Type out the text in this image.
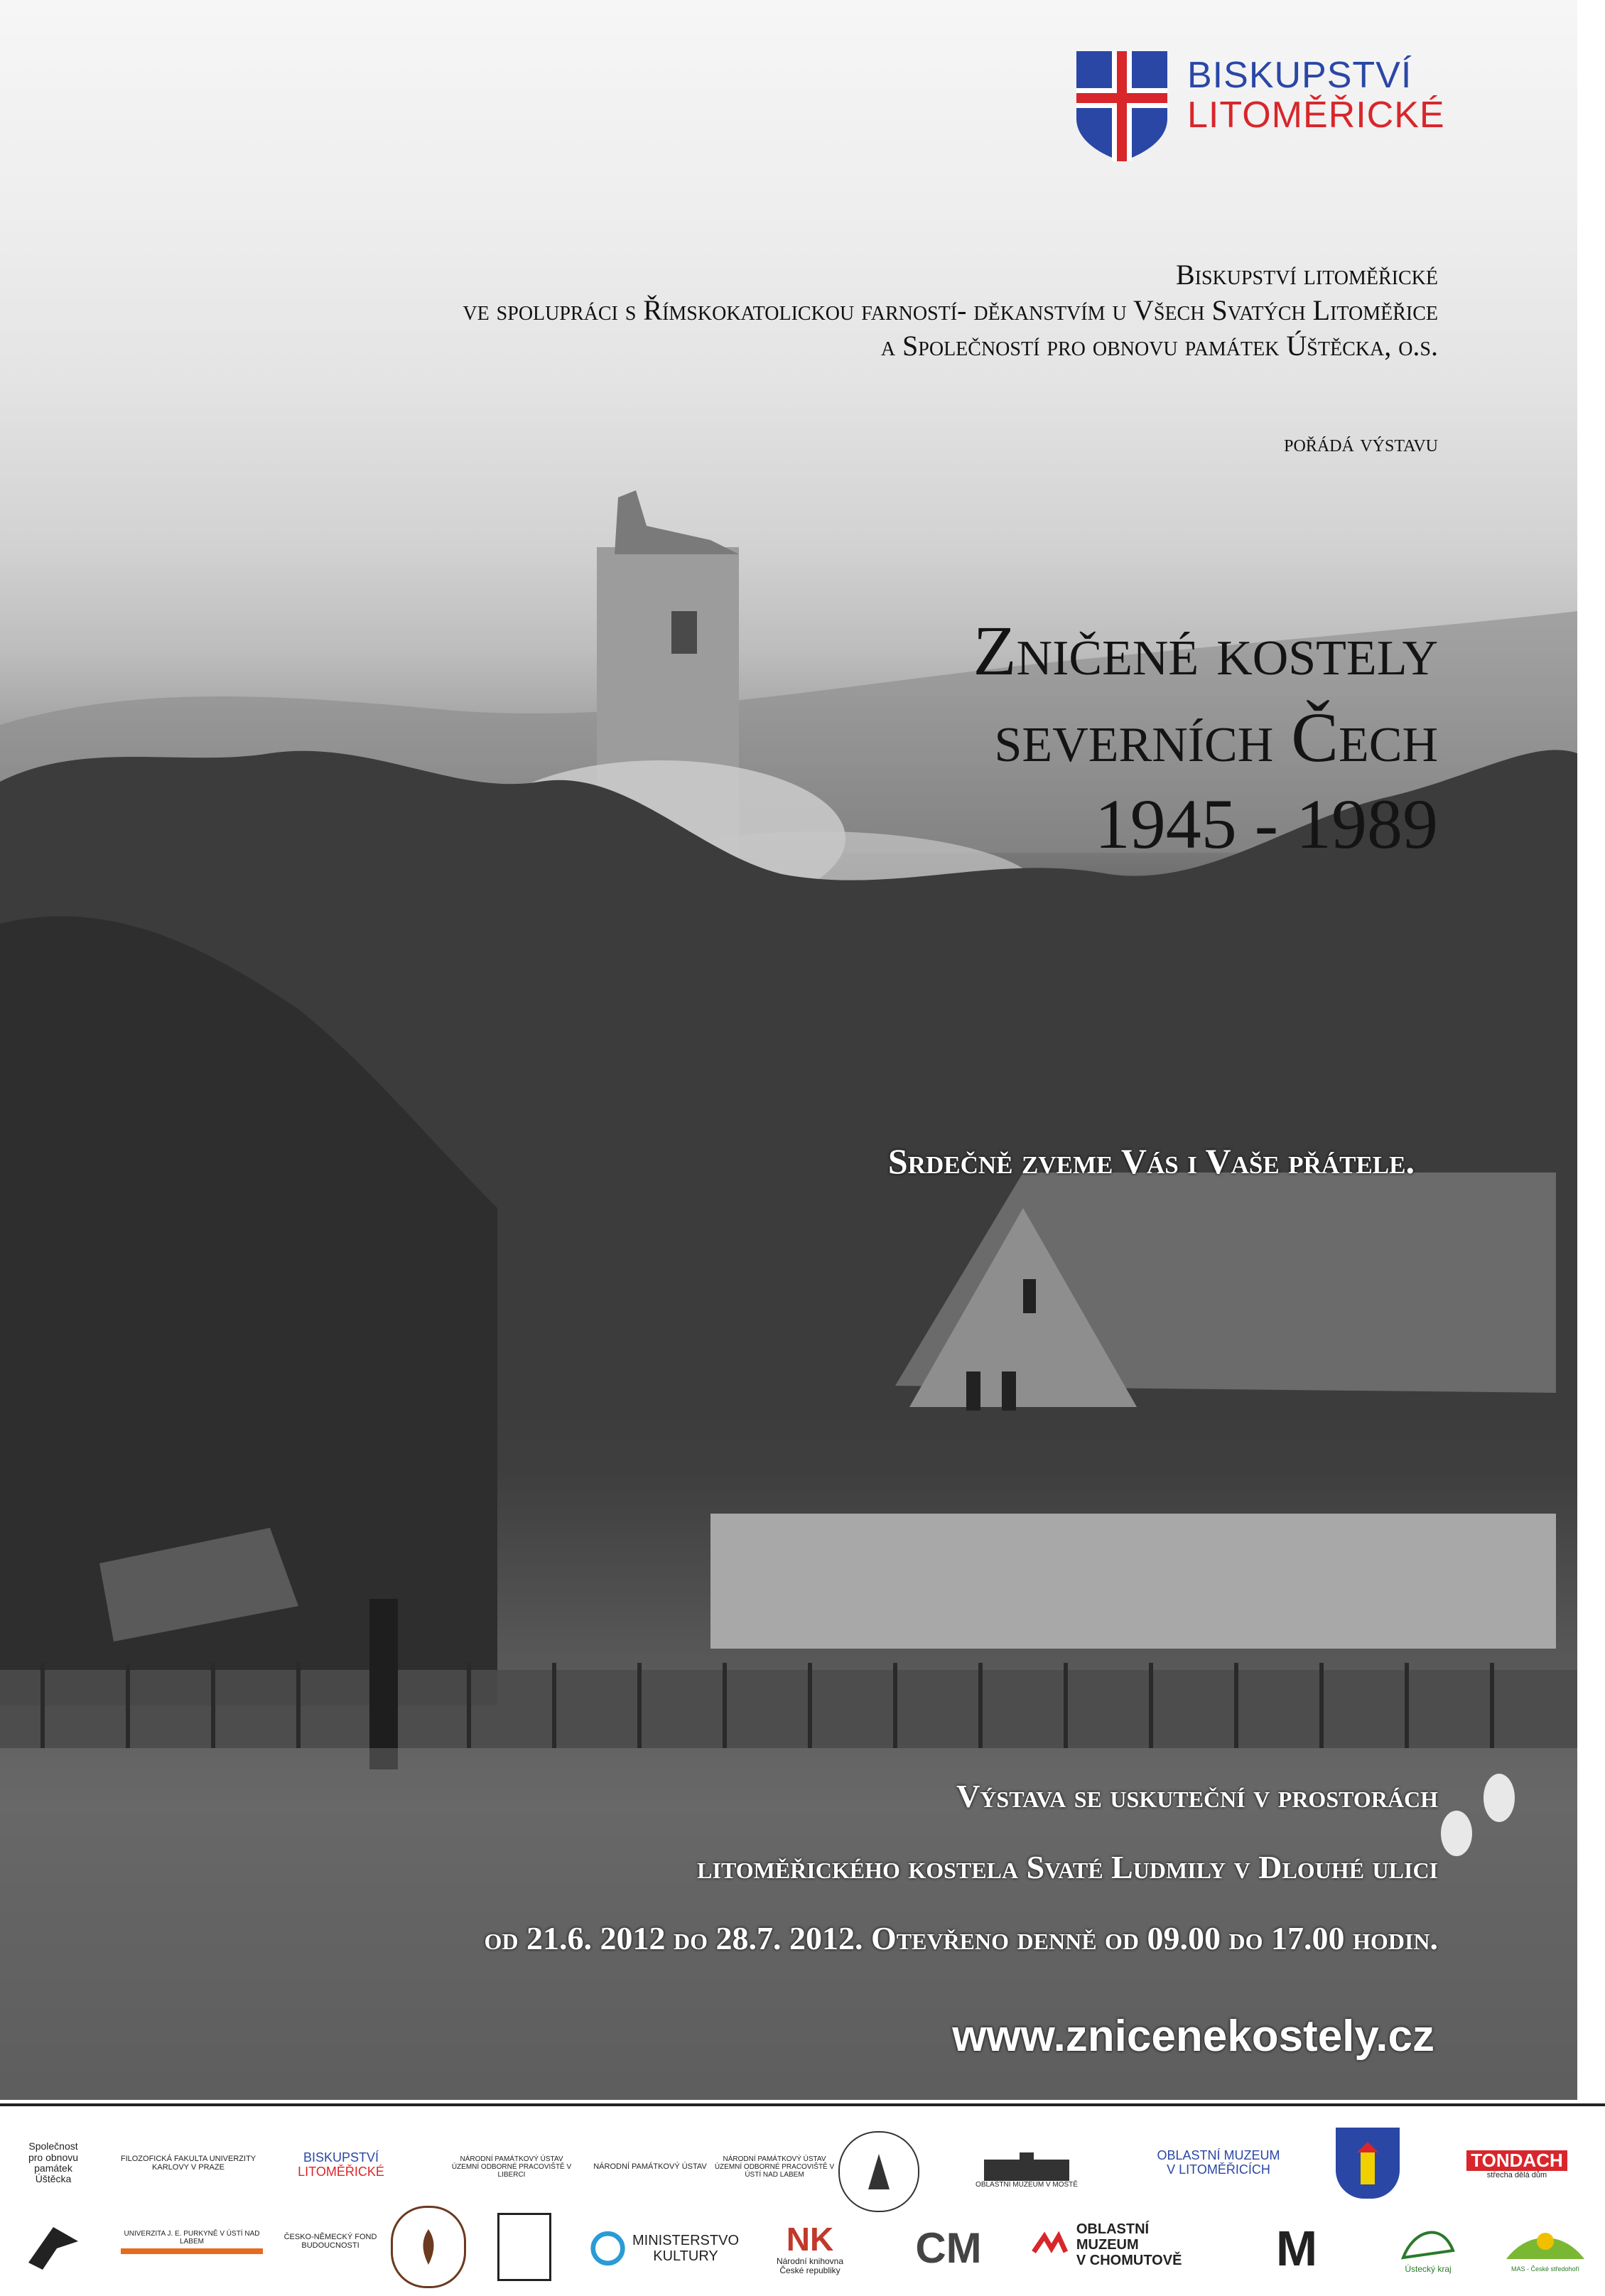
BISKUPSTVÍ
LITOMĚŘICKÉ
Biskupství litoměřické
ve spolupráci s Římskokatolickou farností- děkanstvím u Všech Svatých Litoměřice
a Společností pro obnovu památek Úštěcka, o.s.
pořádá výstavu
Zničené kostely
severních Čech
1945 - 1989
Srdečně zveme Vás i Vaše přátele.
Výstava se uskuteční v prostorách
litoměřického kostela Svaté Ludmily v Dlouhé ulici
od 21.6. 2012 do 28.7. 2012. Otevřeno denně od 09.00 do 17.00 hodin.
www.znicenekostely.cz
Společnost pro obnovu památek Úštěcka
FILOZOFICKÁ FAKULTA UNIVERZITY KARLOVY V PRAZE
BISKUPSTVÍ
LITOMĚŘICKÉ
NÁRODNÍ PAMÁTKOVÝ ÚSTAV ÚZEMNÍ ODBORNÉ PRACOVIŠTĚ V LIBERCI
NÁRODNÍ PAMÁTKOVÝ ÚSTAV
NÁRODNÍ PAMÁTKOVÝ ÚSTAV ÚZEMNÍ ODBORNÉ PRACOVIŠTĚ V ÚSTÍ NAD LABEM
OBLASTNÍ MUZEUM V MOSTĚ
OBLASTNÍ MUZEUM
V LITOMĚŘICÍCH	TONDACH
střecha dělá dům
UNIVERZITA J. E. PURKYNĚ V ÚSTÍ NAD LABEM
ČESKO-NĚMECKÝ FOND BUDOUCNOSTI	MINISTERSTVO
KULTURY	NK
Národní knihovna České republiky	CM	OBLASTNÍ MUZEUM
V CHOMUTOVĚ	M	Ústecký kraj	MAS - České středohoří
